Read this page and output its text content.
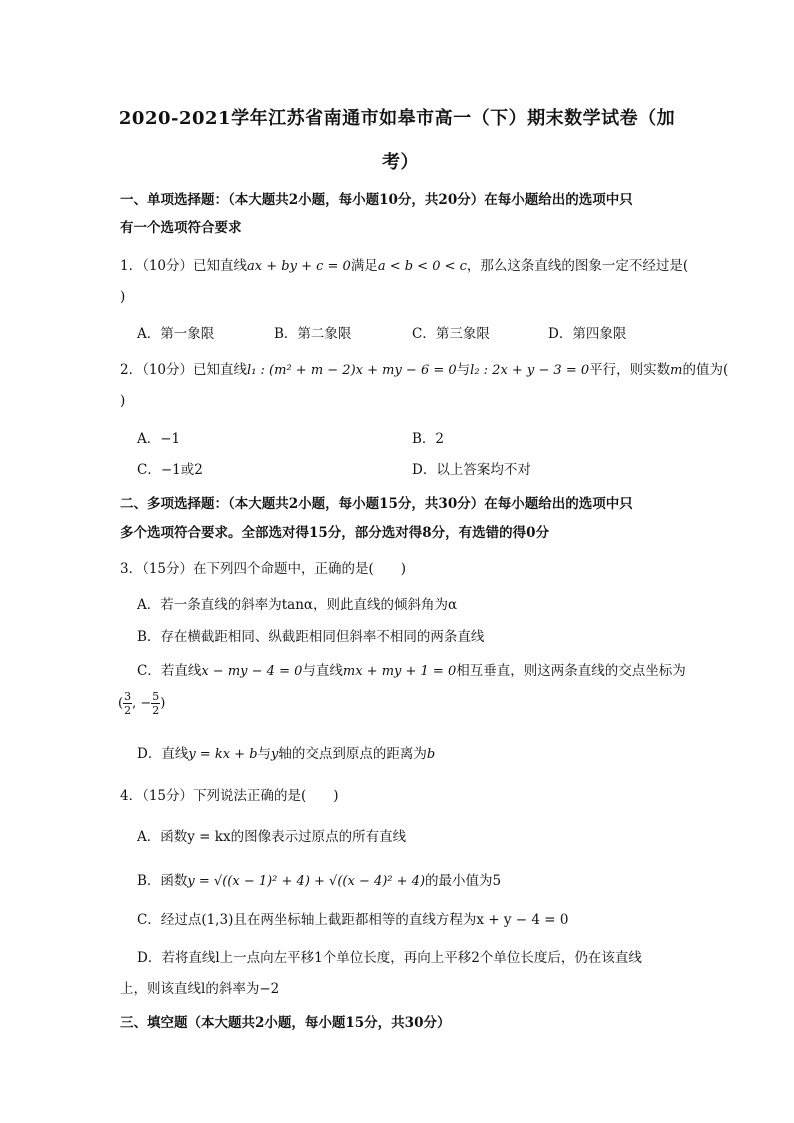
2020-2021学年江苏省南通市如皋市高一（下）期末数学试卷（加
考）
一、单项选择题：（本大题共2小题，每小题10分，共20分）在每小题给出的选项中只
有一个选项符合要求
1．（10分）已知直线ax + by + c = 0满足a < b < 0 < c，那么这条直线的图象一定不经过是(
)
A．第一象限	B．第二象限	C．第三象限	D．第四象限
2．（10分）已知直线l₁ : (m² + m − 2)x + my − 6 = 0与l₂ : 2x + y − 3 = 0平行，则实数m的值为(
)
A．−1	B．2
C．−1或2	D．以上答案均不对
二、多项选择题：（本大题共2小题，每小题15分，共30分）在每小题给出的选项中只
多个选项符合要求。全部选对得15分，部分选对得8分，有选错的得0分
3．（15分）在下列四个命题中，正确的是(　　)
A．若一条直线的斜率为tanα，则此直线的倾斜角为α
B．存在横截距相同、纵截距相同但斜率不相同的两条直线
C．若直线x − my − 4 = 0与直线mx + my + 1 = 0相互垂直，则这两条直线的交点坐标为
( $\frac{3}{2}$ , − $\frac{5}{2}$ )
D．直线y = kx + b与y轴的交点到原点的距离为b
4．（15分）下列说法正确的是(　　)
A．函数y = kx的图像表示过原点的所有直线
B．函数y = √((x − 1)² + 4) + √((x − 4)² + 4)的最小值为5
C．经过点(1,3)且在两坐标轴上截距都相等的直线方程为x + y − 4 = 0
D．若将直线l上一点向左平移1个单位长度，再向上平移2个单位长度后，仍在该直线
上，则该直线l的斜率为−2
三、填空题（本大题共2小题，每小题15分，共30分）
